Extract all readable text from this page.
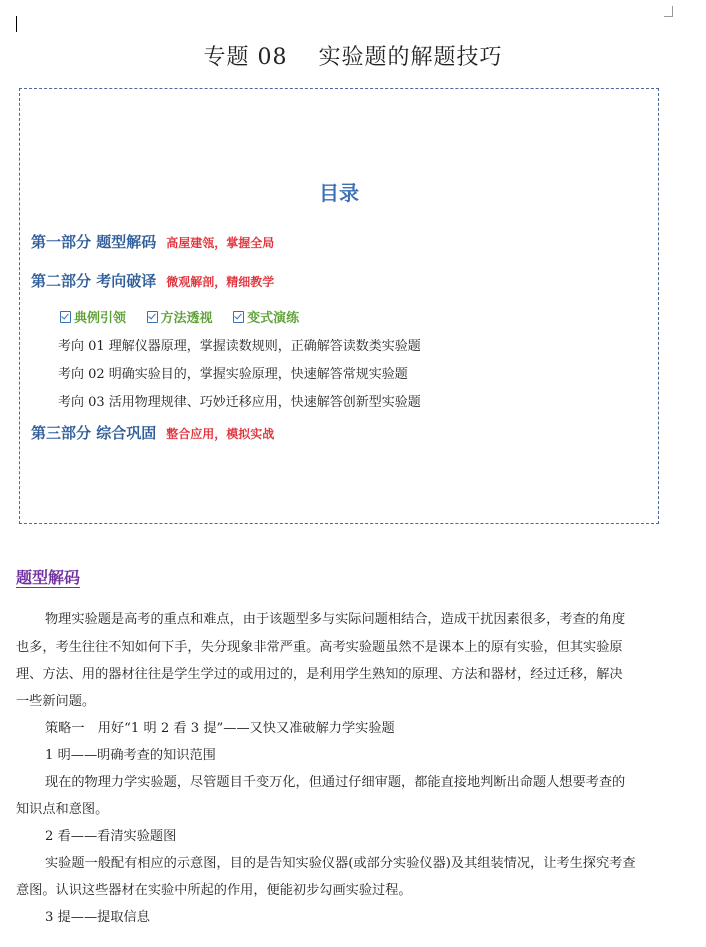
专题 08　 实验题的解题技巧
目录
第一部分 题型解码 高屋建瓴，掌握全局
第二部分 考向破译 微观解剖，精细教学
典例引领	方法透视	变式演练
考向 01 理解仪器原理，掌握读数规则，正确解答读数类实验题
考向 02 明确实验目的，掌握实验原理，快速解答常规实验题
考向 03 活用物理规律、巧妙迁移应用，快速解答创新型实验题
第三部分 综合巩固 整合应用，模拟实战
题型解码
物理实验题是高考的重点和难点，由于该题型多与实际问题相结合，造成干扰因素很多，考查的角度
也多，考生往往不知如何下手，失分现象非常严重。高考实验题虽然不是课本上的原有实验，但其实验原
理、方法、用的器材往往是学生学过的或用过的，是利用学生熟知的原理、方法和器材，经过迁移，解决
一些新问题。
策略一　用好“1 明 2 看 3 提”——又快又准破解力学实验题
1 明——明确考查的知识范围
现在的物理力学实验题，尽管题目千变万化，但通过仔细审题，都能直接地判断出命题人想要考查的
知识点和意图。
2 看——看清实验题图
实验题一般配有相应的示意图，目的是告知实验仪器(或部分实验仪器)及其组装情况，让考生探究考查
意图。认识这些器材在实验中所起的作用，便能初步勾画实验过程。
3 提——提取信息
